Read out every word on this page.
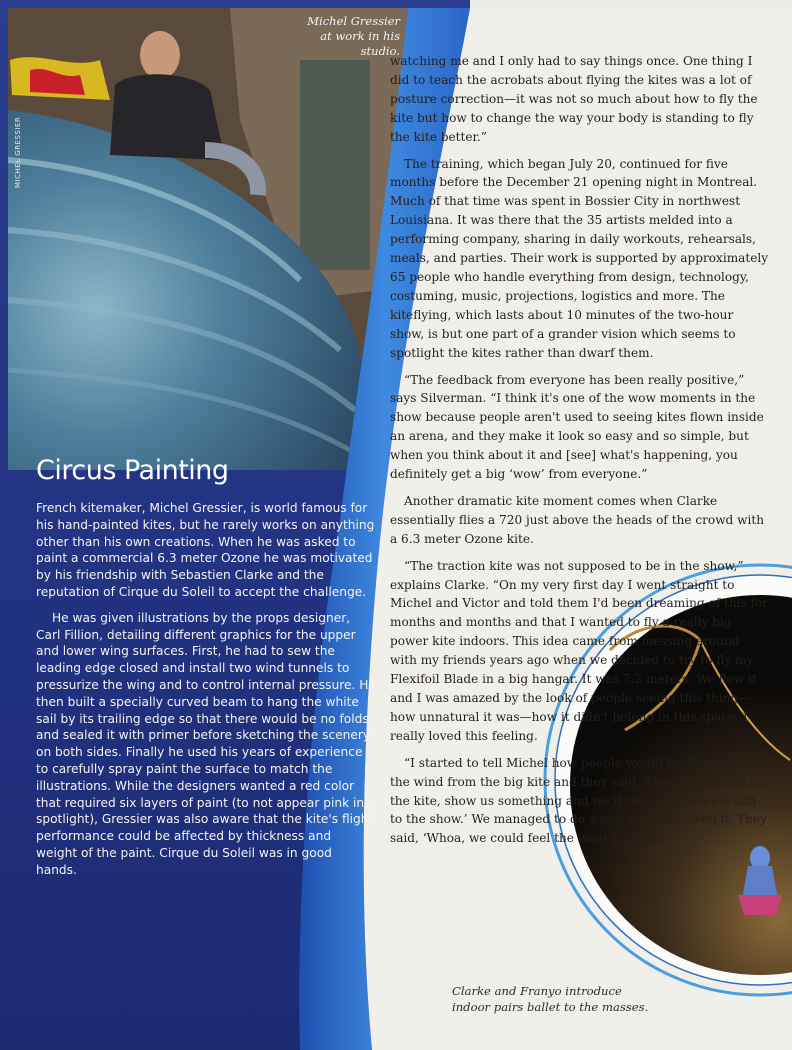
Michel Gressier at work in his studio.
MICHEL GRESSIER
Circus Painting

French kitemaker, Michel Gressier, is world famous for his hand-painted kites, but he rarely works on anything other than his own creations. When he was asked to paint a commercial 6.3 meter Ozone he was motivated by his friendship with Sebastien Clarke and the reputation of Cirque du Soleil to accept the challenge.

He was given illustrations by the props designer, Carl Fillion, detailing different graphics for the upper and lower wing surfaces. First, he had to sew the leading edge closed and install two wind tunnels to pressurize the wing and to control internal pressure. He then built a specially curved beam to hang the white sail by its trailing edge so that there would be no folds and sealed it with primer before sketching the scenery on both sides. Finally he used his years of experience to carefully spray paint the surface to match the illustrations. While the designers wanted a red color that required six layers of paint (to not appear pink in a spotlight), Gressier was also aware that the kite's flight performance could be affected by thickness and weight of the paint. Cirque du Soleil was in good hands.

watching me and I only had to say things once. One thing I did to teach the acrobats about flying the kites was a lot of posture correction—it was not so much about how to fly the kite but how to change the way your body is standing to fly the kite better.”

The training, which began July 20, continued for five months before the December 21 opening night in Montreal. Much of that time was spent in Bossier City in northwest Louisiana. It was there that the 35 artists melded into a performing company, sharing in daily workouts, rehearsals, meals, and parties. Their work is supported by approximately 65 people who handle everything from design, technology, costuming, music, projections, logistics and more. The kiteflying, which lasts about 10 minutes of the two-hour show, is but one part of a grander vision which seems to spotlight the kites rather than dwarf them.

“The feedback from everyone has been really positive,” says Silverman. “I think it's one of the wow moments in the show because people aren't used to seeing kites flown inside an arena, and they make it look so easy and so simple, but when you think about it and [see] what's happening, you definitely get a big ‘wow’ from everyone.”

Another dramatic kite moment comes when Clarke essentially flies a 720 just above the heads of the crowd with a 6.3 meter Ozone kite.

“The traction kite was not supposed to be in the show,” explains Clarke. “On my very first day I went straight to Michel and Victor and told them I'd been dreaming of this for months and months and that I wanted to fly a really big power kite indoors. This idea came from messing around with my friends years ago when we decided to try to fly my Flexifoil Blade in a big hangar. It was 7.2 meters. We flew it and I was amazed by the look of people seeing this thing—how unnatural it was—how it didn't belong in this space. I really loved this feeling.

“I started to tell Michel how people would be able to feel the wind from the big kite and they said, ‘Okay, if you find us the kite, show us something and we'll see...maybe we'll add to the show.’ We managed to do a test and they loved it. They said, ‘Whoa, we could feel the wind from the

Clarke and Franyo introduce indoor pairs ballet to the masses.
